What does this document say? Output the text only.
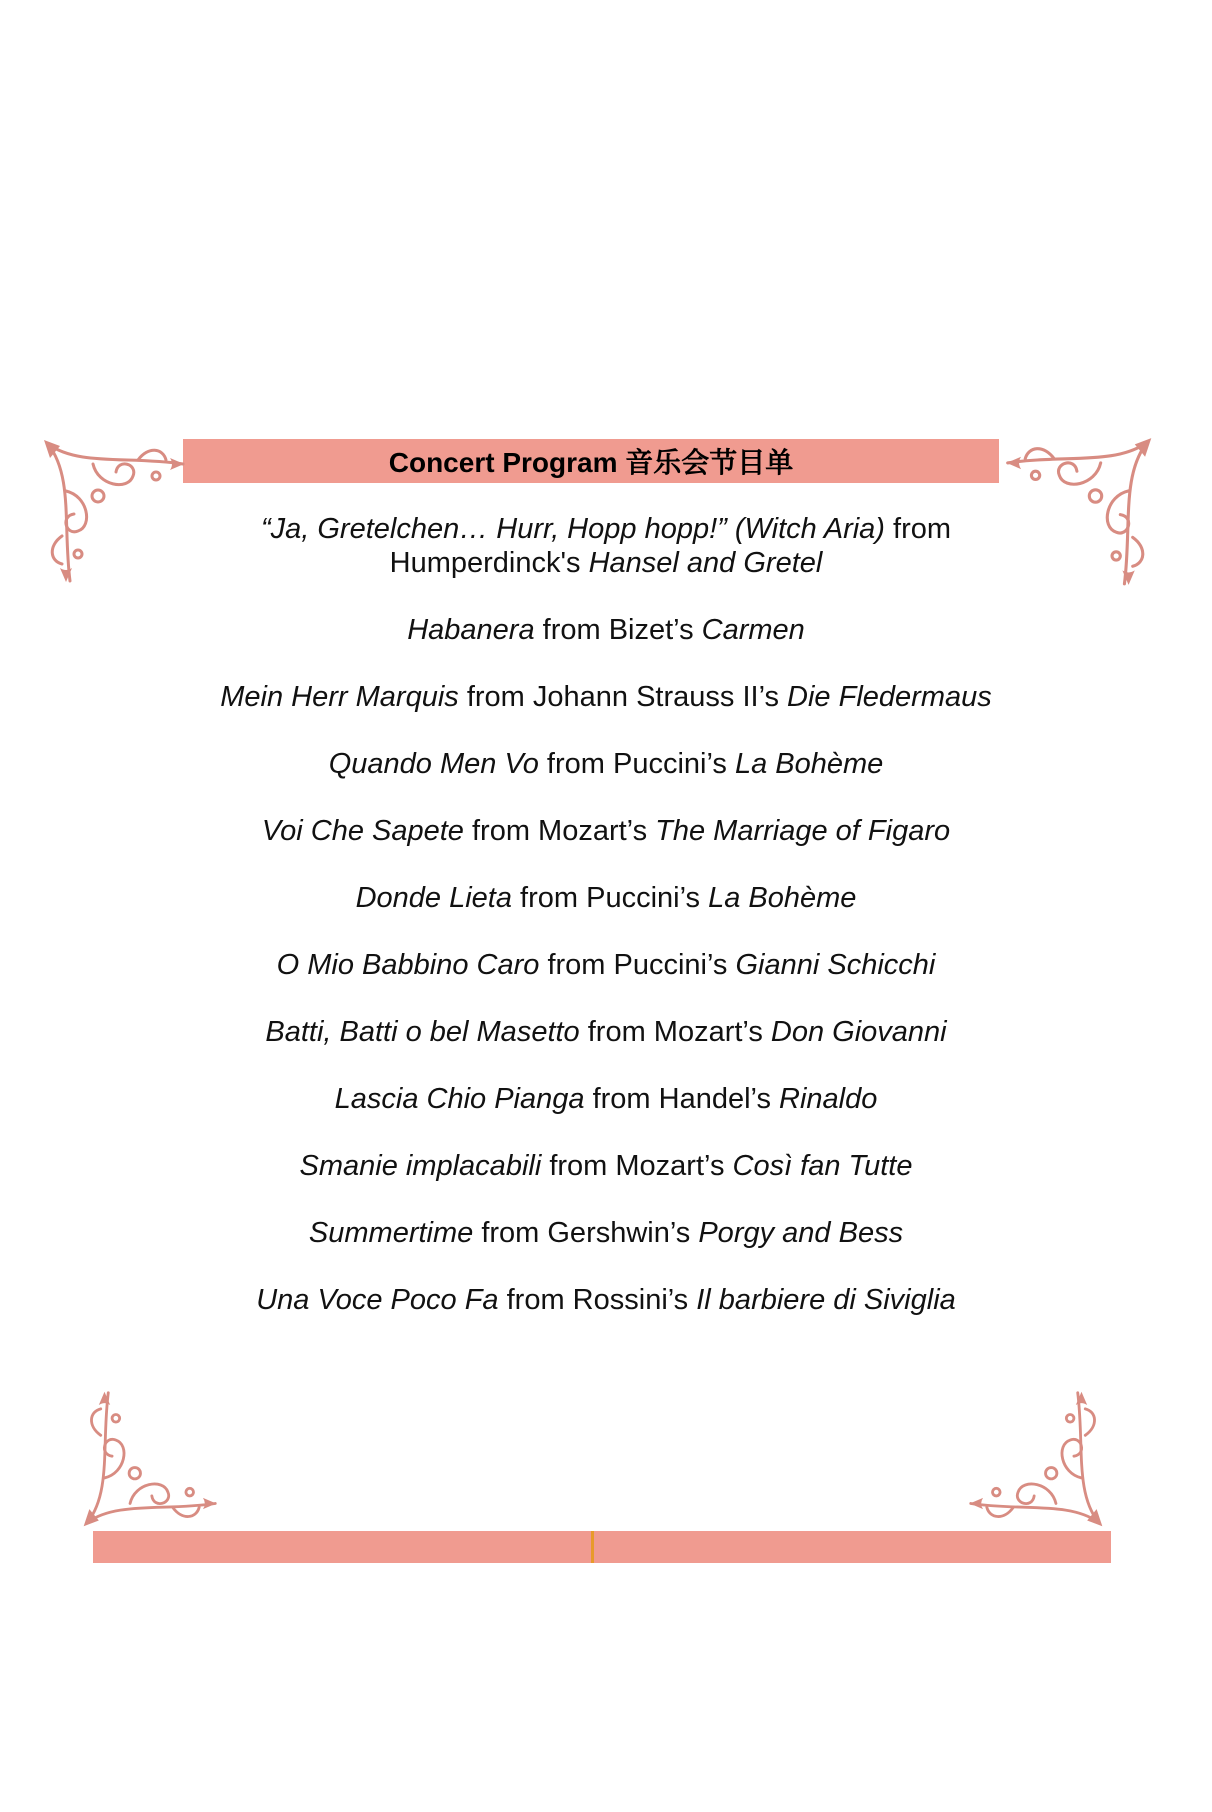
Concert Program 音乐会节目单
“Ja, Gretelchen… Hurr, Hopp hopp!” (Witch Aria) from
Humperdinck's Hansel and Gretel
Habanera from Bizet’s Carmen
Mein Herr Marquis from Johann Strauss II’s Die Fledermaus
Quando Men Vo from Puccini’s La Bohème
Voi Che Sapete from Mozart’s The Marriage of Figaro
Donde Lieta from Puccini’s La Bohème
O Mio Babbino Caro from Puccini’s Gianni Schicchi
Batti, Batti o bel Masetto from Mozart’s Don Giovanni
Lascia Chio Pianga from Handel’s Rinaldo
Smanie implacabili from Mozart’s Così fan Tutte
Summertime from Gershwin’s Porgy and Bess
Una Voce Poco Fa from Rossini’s Il barbiere di Siviglia
